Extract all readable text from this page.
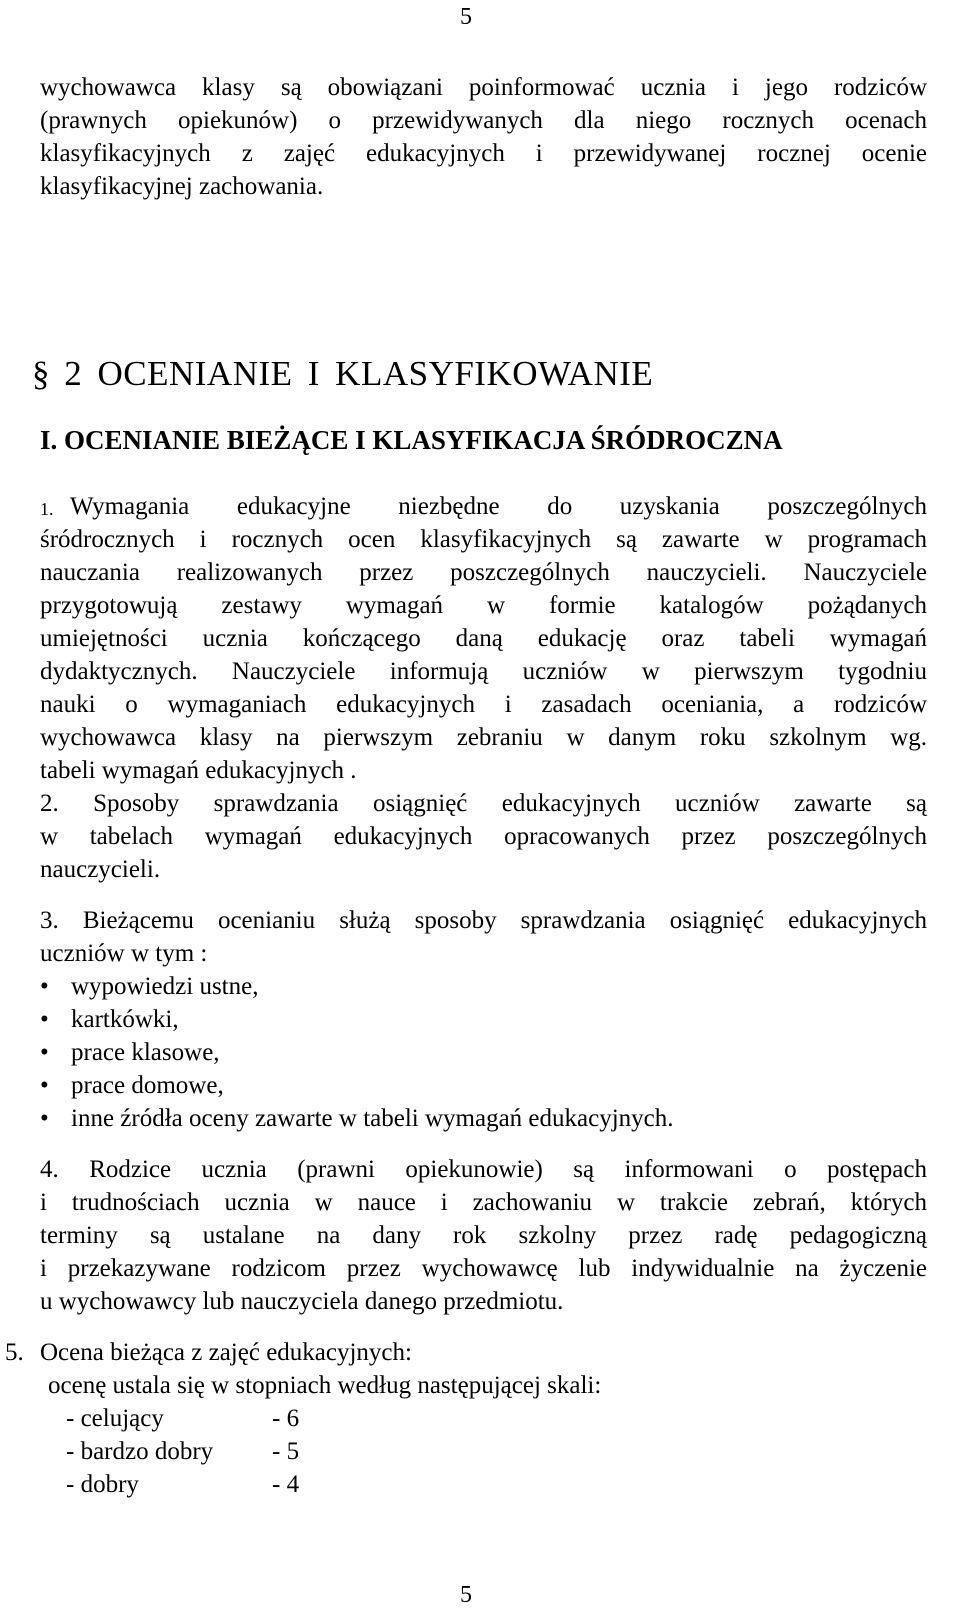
5
wychowawca klasy są obowiązani poinformować ucznia i jego rodziców
(prawnych opiekunów) o przewidywanych dla niego rocznych ocenach
klasyfikacyjnych z zajęć edukacyjnych i przewidywanej rocznej ocenie
klasyfikacyjnej zachowania.
§ 2 OCENIANIE I KLASYFIKOWANIE
I. OCENIANIE BIEŻĄCE I KLASYFIKACJA ŚRÓDROCZNA
1. Wymagania edukacyjne niezbędne do uzyskania poszczególnych
śródrocznych i rocznych ocen klasyfikacyjnych są zawarte w programach
nauczania realizowanych przez poszczególnych nauczycieli. Nauczyciele
przygotowują zestawy wymagań w formie katalogów pożądanych
umiejętności ucznia kończącego daną edukację oraz tabeli wymagań
dydaktycznych. Nauczyciele informują uczniów w pierwszym tygodniu
nauki o wymaganiach edukacyjnych i zasadach oceniania, a rodziców
wychowawca klasy na pierwszym zebraniu w danym roku szkolnym wg.
tabeli wymagań edukacyjnych .
2. Sposoby sprawdzania osiągnięć edukacyjnych uczniów zawarte są
w tabelach wymagań edukacyjnych opracowanych przez poszczególnych
nauczycieli.
3. Bieżącemu ocenianiu służą sposoby sprawdzania osiągnięć edukacyjnych
uczniów w tym :
• wypowiedzi ustne,
• kartkówki,
• prace klasowe,
• prace domowe,
• inne źródła oceny zawarte w tabeli wymagań edukacyjnych.
4. Rodzice ucznia (prawni opiekunowie) są informowani o postępach
i trudnościach ucznia w nauce i zachowaniu w trakcie zebrań, których
terminy są ustalane na dany rok szkolny przez radę pedagogiczną
i przekazywane rodzicom przez wychowawcę lub indywidualnie na życzenie
u wychowawcy lub nauczyciela danego przedmiotu.
5. Ocena bieżąca z zajęć edukacyjnych:
ocenę ustala się w stopniach według następującej skali:
- celujący	- 6
- bardzo dobry - 5
- dobry	- 4
5
